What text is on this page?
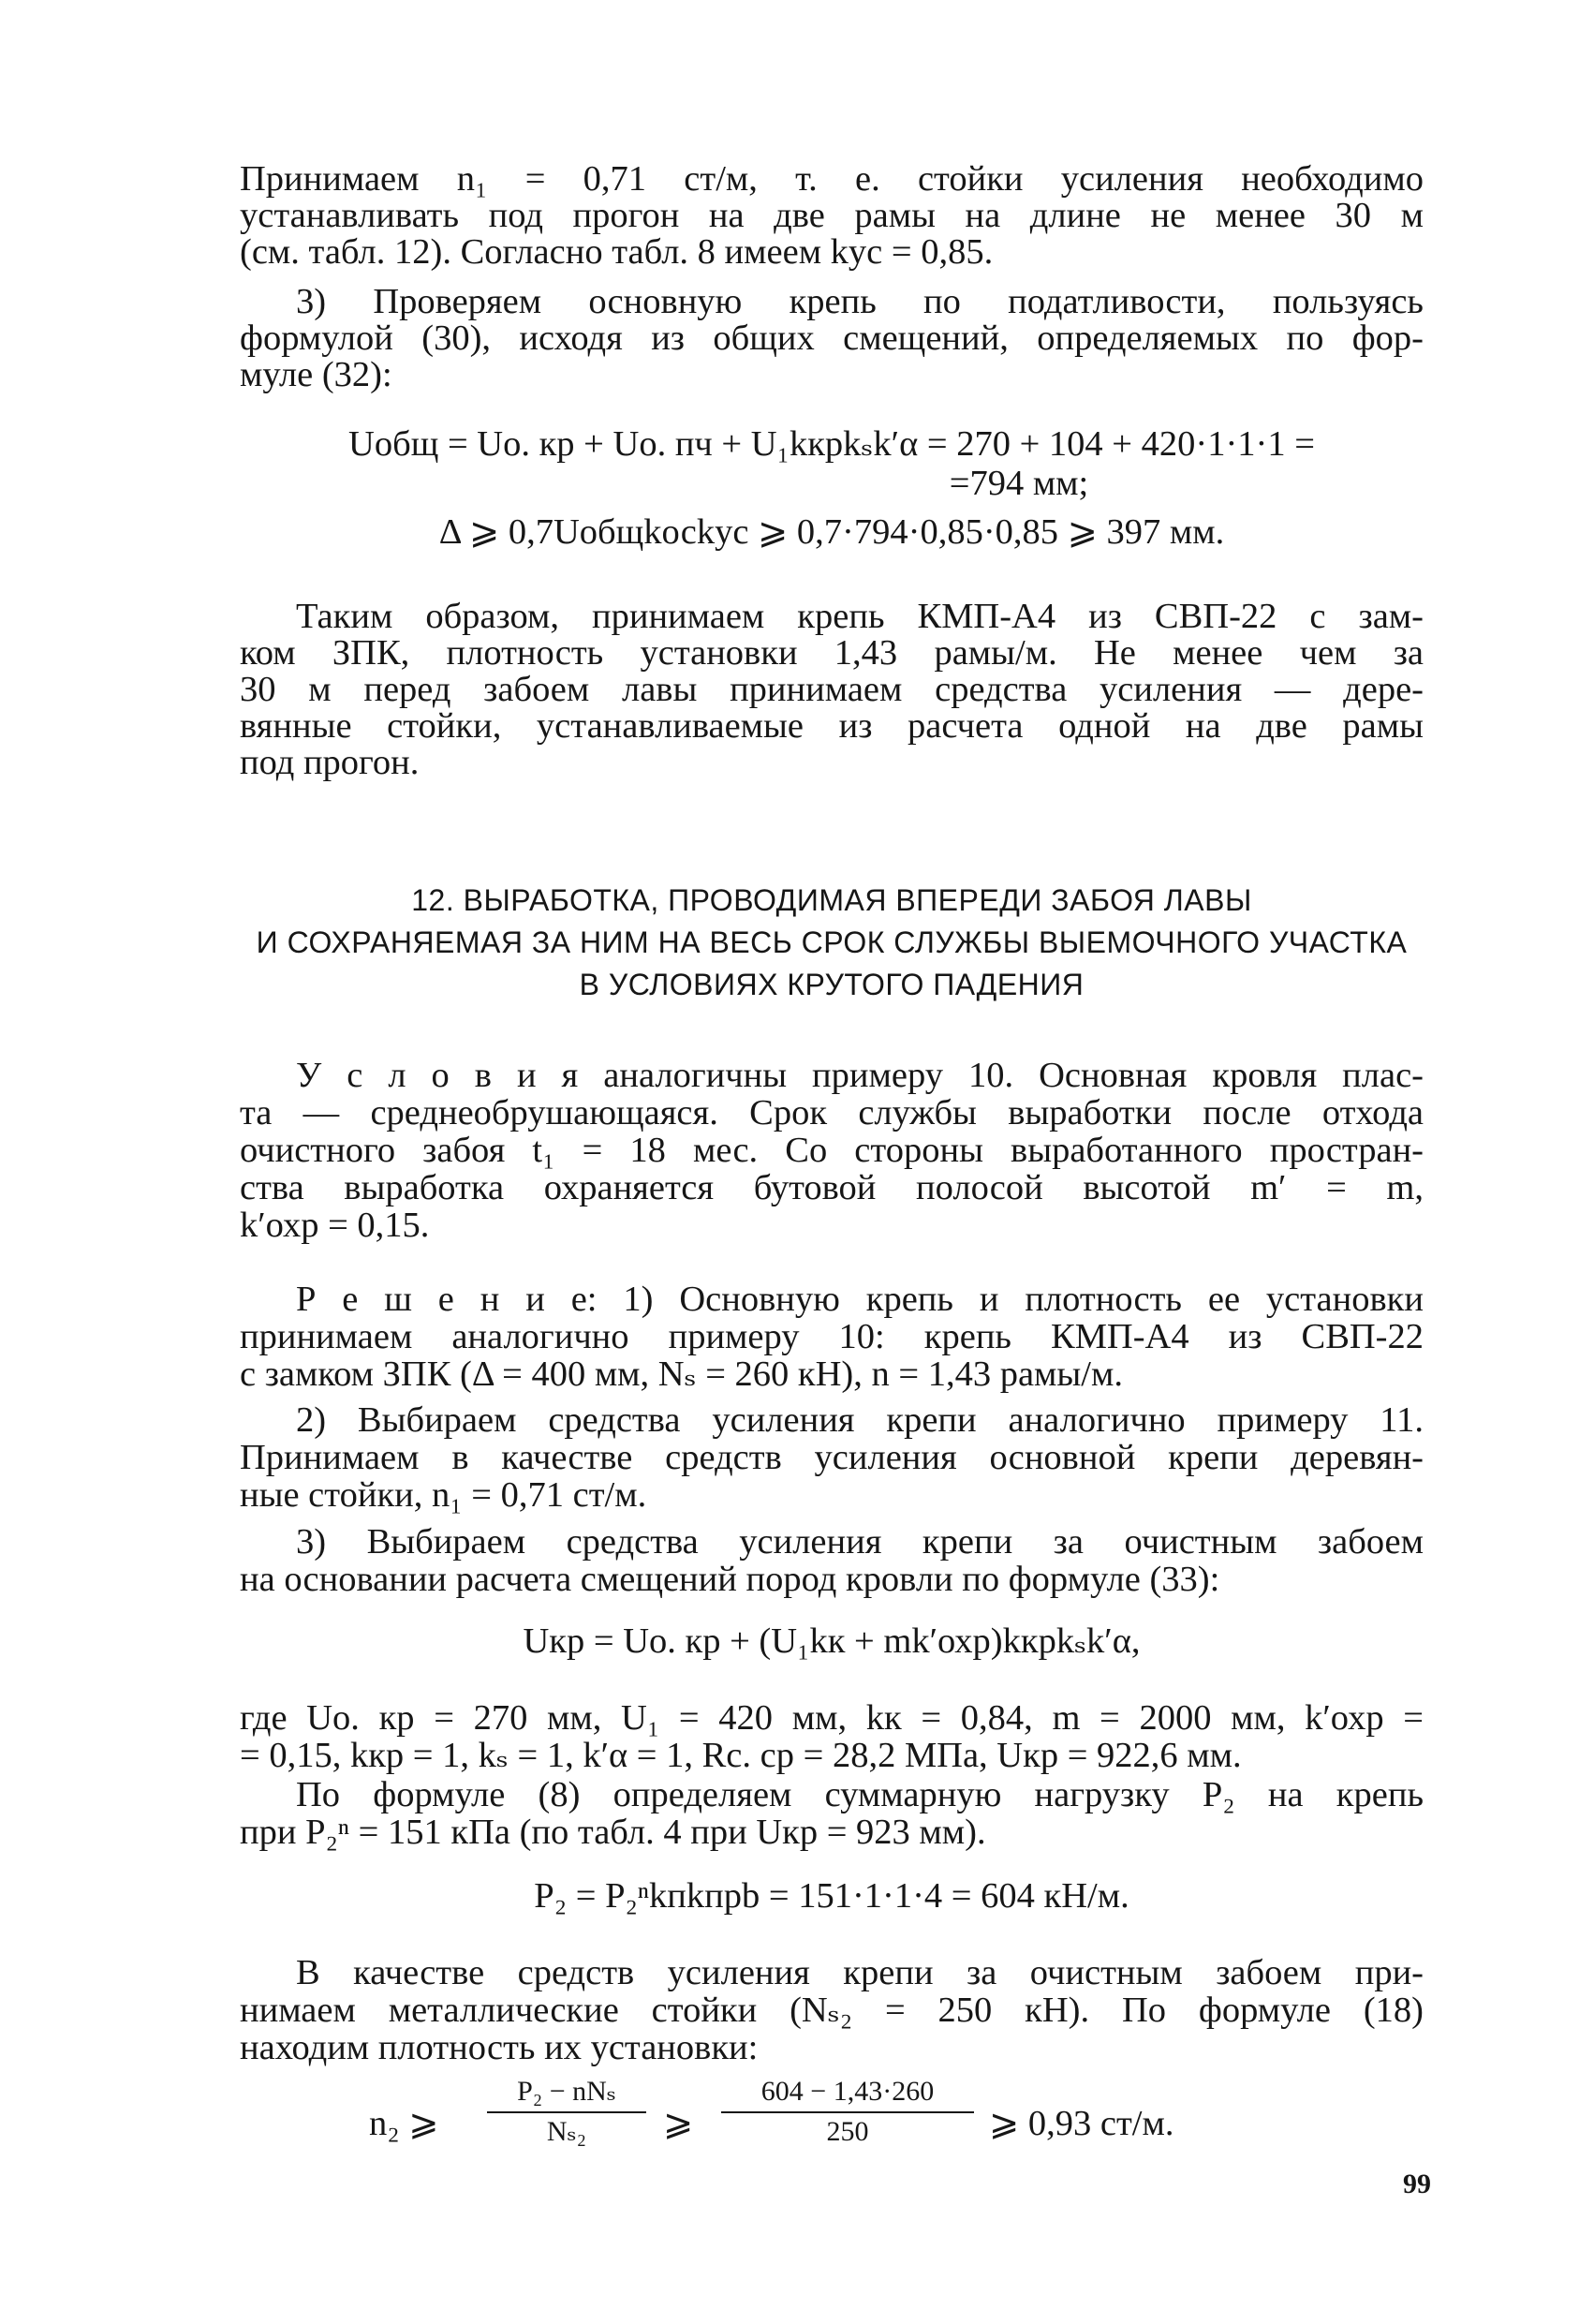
Принимаем n₁ = 0,71 ст/м, т. е. стойки усиления необходимо
устанавливать под прогон на две рамы на длине не менее 30 м
(см. табл. 12). Согласно табл. 8 имеем kус = 0,85.
3) Проверяем основную крепь по податливости, пользуясь
формулой (30), исходя из общих смещений, определяемых по фор-
муле (32):
Uобщ = Uо. кр + Uо. пч + U₁kкрkₛk′α = 270 + 104 + 420·1·1·1 =
=794 мм;
Δ ⩾ 0,7Uобщkосkус ⩾ 0,7·794·0,85·0,85 ⩾ 397 мм.
Таким образом, принимаем крепь КМП-А4 из СВП-22 с зам-
ком ЗПК, плотность установки 1,43 рамы/м. Не менее чем за
30 м перед забоем лавы принимаем средства усиления — дере-
вянные стойки, устанавливаемые из расчета одной на две рамы
под прогон.
12. ВЫРАБОТКА, ПРОВОДИМАЯ ВПЕРЕДИ ЗАБОЯ ЛАВЫ
И СОХРАНЯЕМАЯ ЗА НИМ НА ВЕСЬ СРОК СЛУЖБЫ ВЫЕМОЧНОГО УЧАСТКА
В УСЛОВИЯХ КРУТОГО ПАДЕНИЯ
У с л о в и я аналогичны примеру 10. Основная кровля плас-
та — среднеобрушающаяся. Срок службы выработки после отхода
очистного забоя t₁ = 18 мес. Со стороны выработанного простран-
ства выработка охраняется бутовой полосой высотой m′ = m,
k′охр = 0,15.
Р е ш е н и е: 1) Основную крепь и плотность ее установки
принимаем аналогично примеру 10: крепь КМП-А4 из СВП-22
с замком ЗПК (Δ = 400 мм, Nₛ = 260 кН), n = 1,43 рамы/м.
2) Выбираем средства усиления крепи аналогично примеру 11.
Принимаем в качестве средств усиления основной крепи деревян-
ные стойки, n₁ = 0,71 ст/м.
3) Выбираем средства усиления крепи за очистным забоем
на основании расчета смещений пород кровли по формуле (33):
Uкр = Uо. кр + (U₁kк + mk′охр)kкрkₛk′α,
где Uо. кр = 270 мм, U₁ = 420 мм, kк = 0,84, m = 2000 мм, k′охр =
= 0,15, kкр = 1, kₛ = 1, k′α = 1, Rс. ср = 28,2 МПа, Uкр = 922,6 мм.
По формуле (8) определяем суммарную нагрузку P₂ на крепь
при P₂ⁿ = 151 кПа (по табл. 4 при Uкр = 923 мм).
P₂ = P₂ⁿkпkпрb = 151·1·1·4 = 604 кН/м.
В качестве средств усиления крепи за очистным забоем при-
нимаем металлические стойки (Nₛ₂ = 250 кН). По формуле (18)
находим плотность их установки:
n₂ ⩾
P₂ − nNₛ
Nₛ₂	⩾
604 − 1,43·260
250	⩾ 0,93 ст/м.
99
